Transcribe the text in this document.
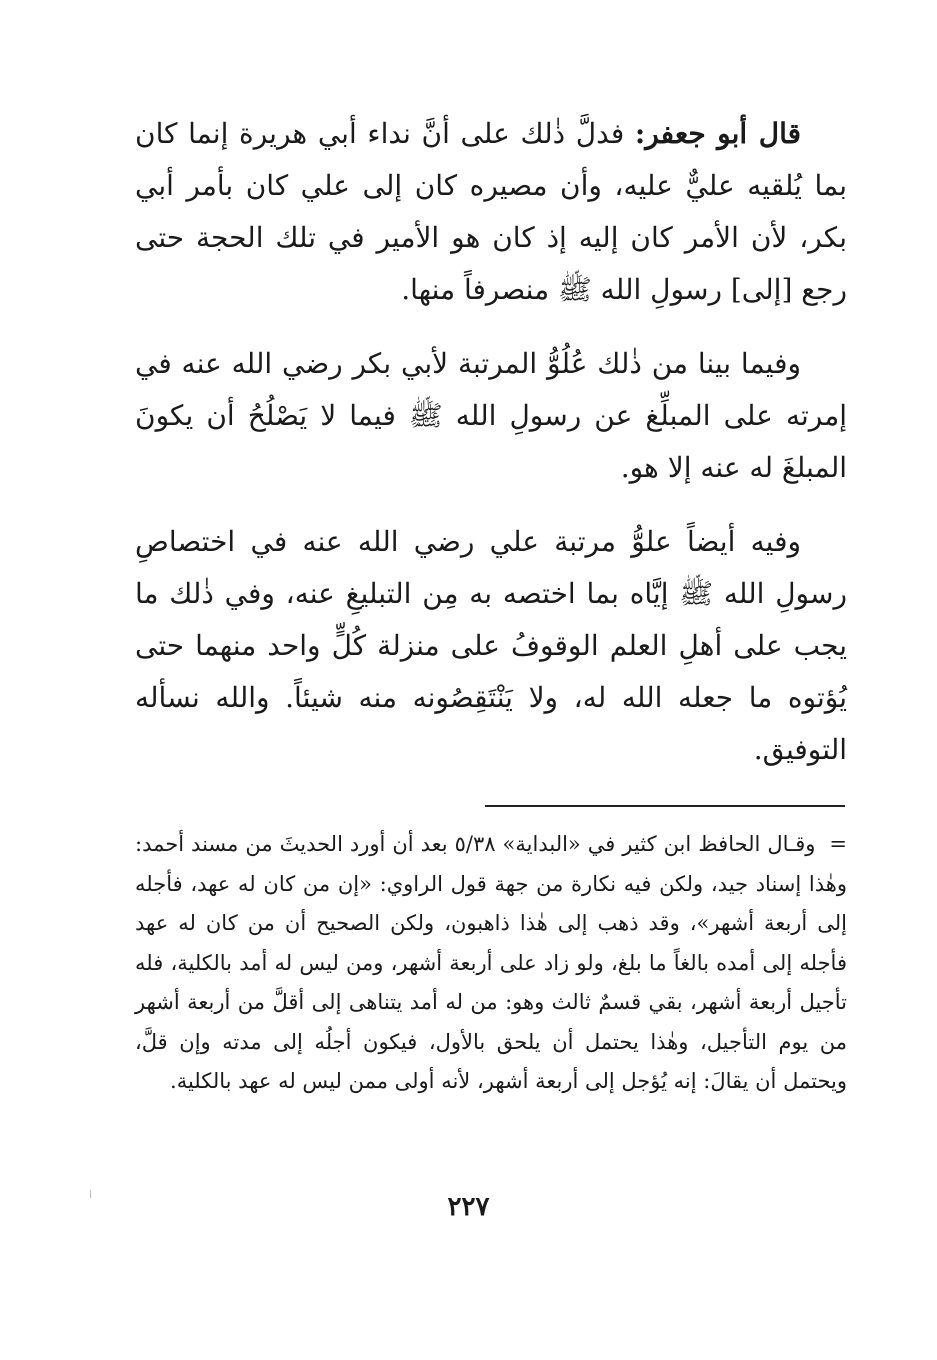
قال أبو جعفر: فدلَّ ذٰلك على أنَّ نداء أبي هريرة إنما كان بما يُلقيه عليٌّ عليه، وأن مصيره كان إلى علي كان بأمر أبي بكر، لأن الأمر كان إليه إذ كان هو الأمير في تلك الحجة حتى رجع [إلى] رسولِ الله ﷺ منصرفاً منها.

وفيما بينا من ذٰلك عُلُوُّ المرتبة لأبي بكر رضي الله عنه في إمرته على المبلِّغ عن رسولِ الله ﷺ فيما لا يَصْلُحُ أن يكونَ المبلغَ له عنه إلا هو.

وفيه أيضاً علوُّ مرتبة علي رضي الله عنه في اختصاصِ رسولِ الله ﷺ إيَّاه بما اختصه به مِن التبليغِ عنه، وفي ذٰلك ما يجب على أهلِ العلم الوقوفُ على منزلة كُلٍّ واحد منهما حتى يُؤتوه ما جعله الله له، ولا يَنْتَقِصُونه منه شيئاً. والله نسأله التوفيق.

=وقـال الحافظ ابن كثير في «البداية» ٥/٣٨ بعد أن أورد الحديثَ من مسند أحمد: وهٰذا إسناد جيد، ولكن فيه نكارة من جهة قول الراوي: «إن من كان له عهد، فأجله إلى أربعة أشهر»، وقد ذهب إلى هٰذا ذاهبون، ولكن الصحيح أن من كان له عهد فأجله إلى أمده بالغاً ما بلغ، ولو زاد على أربعة أشهر، ومن ليس له أمد بالكلية، فله تأجيل أربعة أشهر، بقي قسمٌ ثالث وهو: من له أمد يتناهى إلى أقلَّ من أربعة أشهر من يوم التأجيل، وهٰذا يحتمل أن يلحق بالأول، فيكون أجلُه إلى مدته وإن قلَّ، ويحتمل أن يقالَ: إنه يُؤجل إلى أربعة أشهر، لأنه أولى ممن ليس له عهد بالكلية.

٢٢٧
